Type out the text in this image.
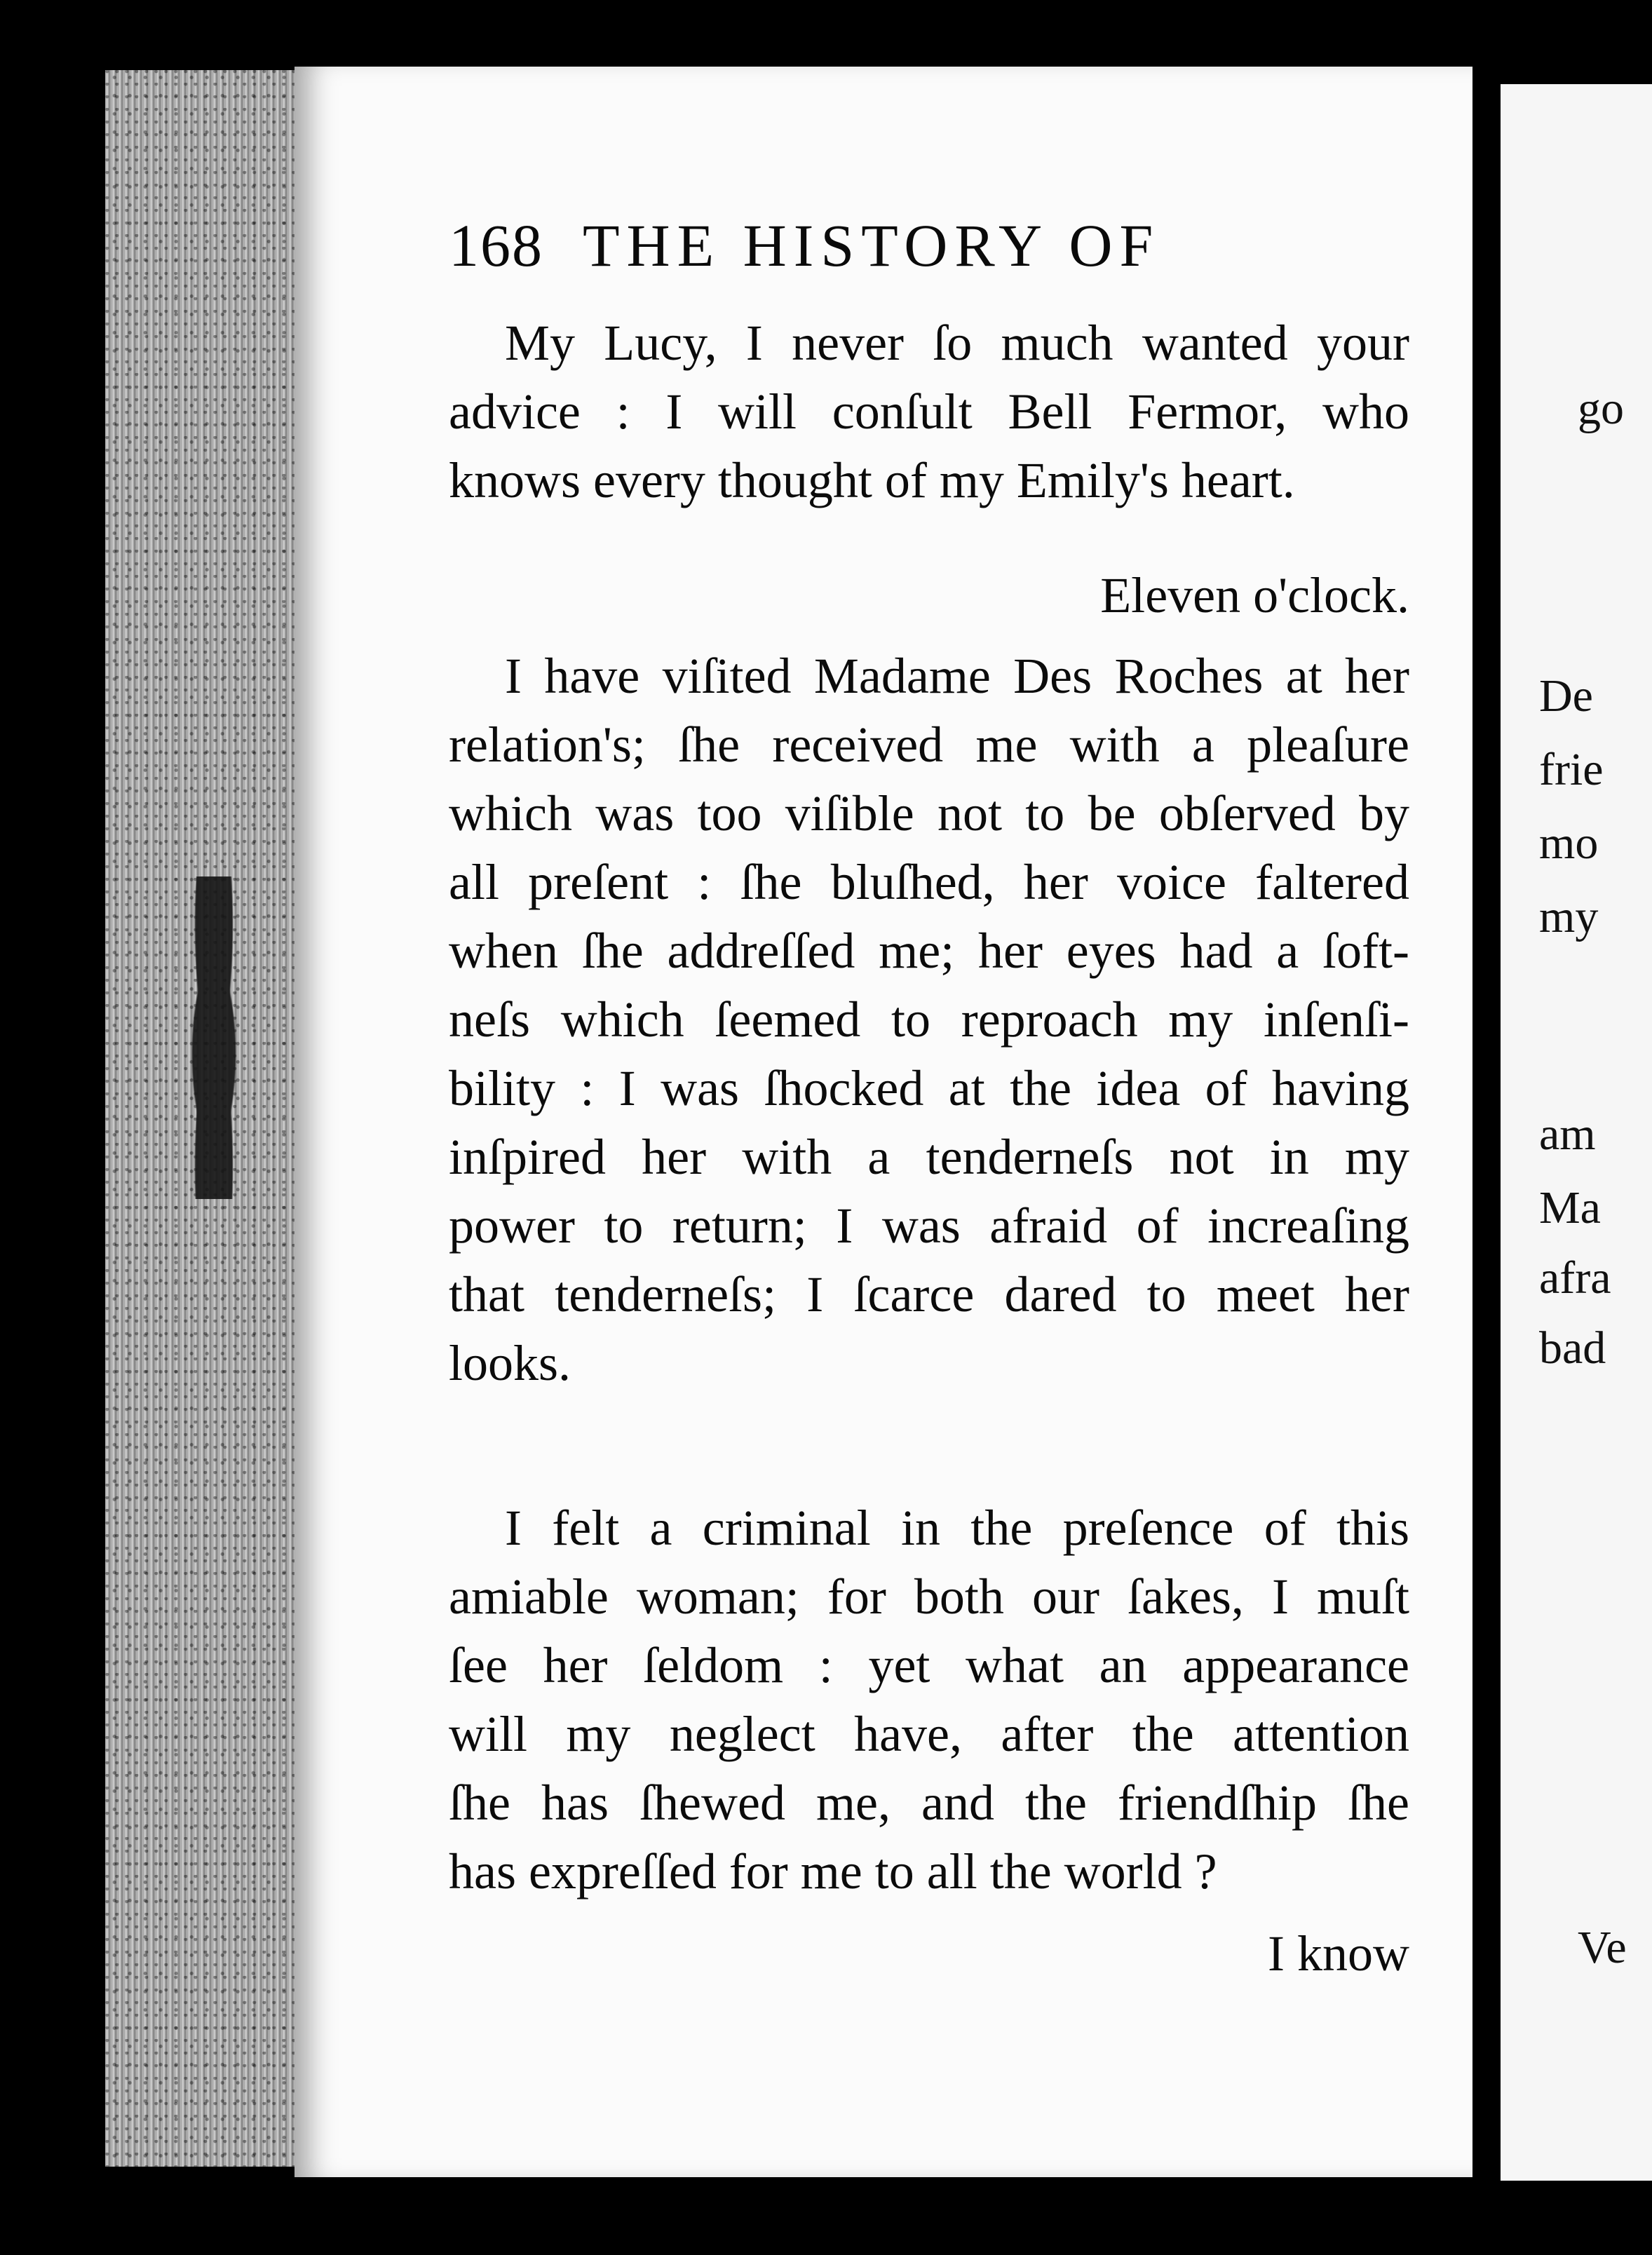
go
De
frie
mo
my
am
Ma
afra
bad
Ve
168 THE HISTORY OF
My Lucy, I never ſo much wanted your
advice : I will conſult Bell Fermor, who
knows every thought of my Emily's heart.
Eleven o'clock.
I have viſited Madame Des Roches at her
relation's; ſhe received me with a pleaſure
which was too viſible not to be obſerved by
all preſent : ſhe bluſhed, her voice faltered
when ſhe addreſſed me; her eyes had a ſoft-
neſs which ſeemed to reproach my inſenſi-
bility : I was ſhocked at the idea of having
inſpired her with a tenderneſs not in my
power to return; I was afraid of increaſing
that tenderneſs; I ſcarce dared to meet her
looks.
I felt a criminal in the preſence of this
amiable woman; for both our ſakes, I muſt
ſee her ſeldom : yet what an appearance
will my neglect have, after the attention
ſhe has ſhewed me, and the friendſhip ſhe
has expreſſed for me to all the world ?
I know
